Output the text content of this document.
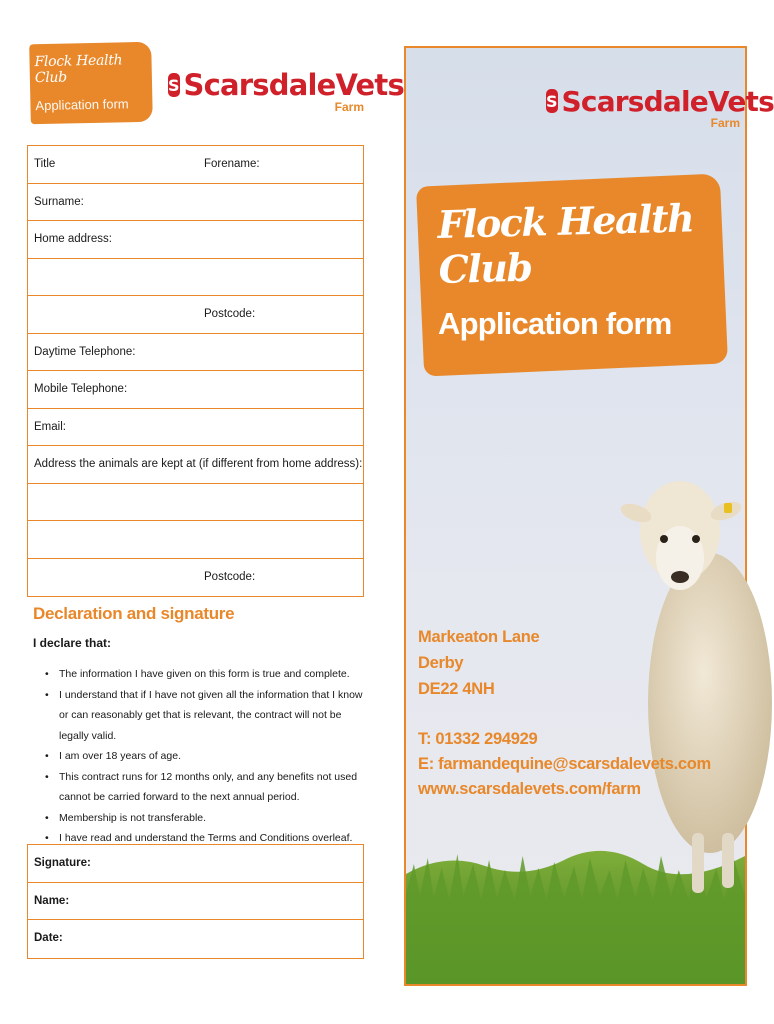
Flock Health Club
Application form
S ScarsdaleVets
Farm
Title	Forename:
Surname:
Home address:
Postcode:
Daytime Telephone:
Mobile Telephone:
Email:
Address the animals are kept at (if different from home address):
Postcode:
Declaration and signature
I declare that:
• The information I have given on this form is true and complete.
• I understand that if I have not given all the information that I know or can reasonably get that is relevant, the contract will not be legally valid.
• I am over 18 years of age.
• This contract runs for 12 months only, and any benefits not used cannot be carried forward to the next annual period.
• Membership is not transferable.
• I have read and understand the Terms and Conditions overleaf.
Signature:
Name:
Date:
S ScarsdaleVets
Farm
Flock Health Club
Application form
Markeaton Lane
Derby
DE22 4NH
T: 01332 294929
E: farmandequine@scarsdalevets.com
www.scarsdalevets.com/farm
